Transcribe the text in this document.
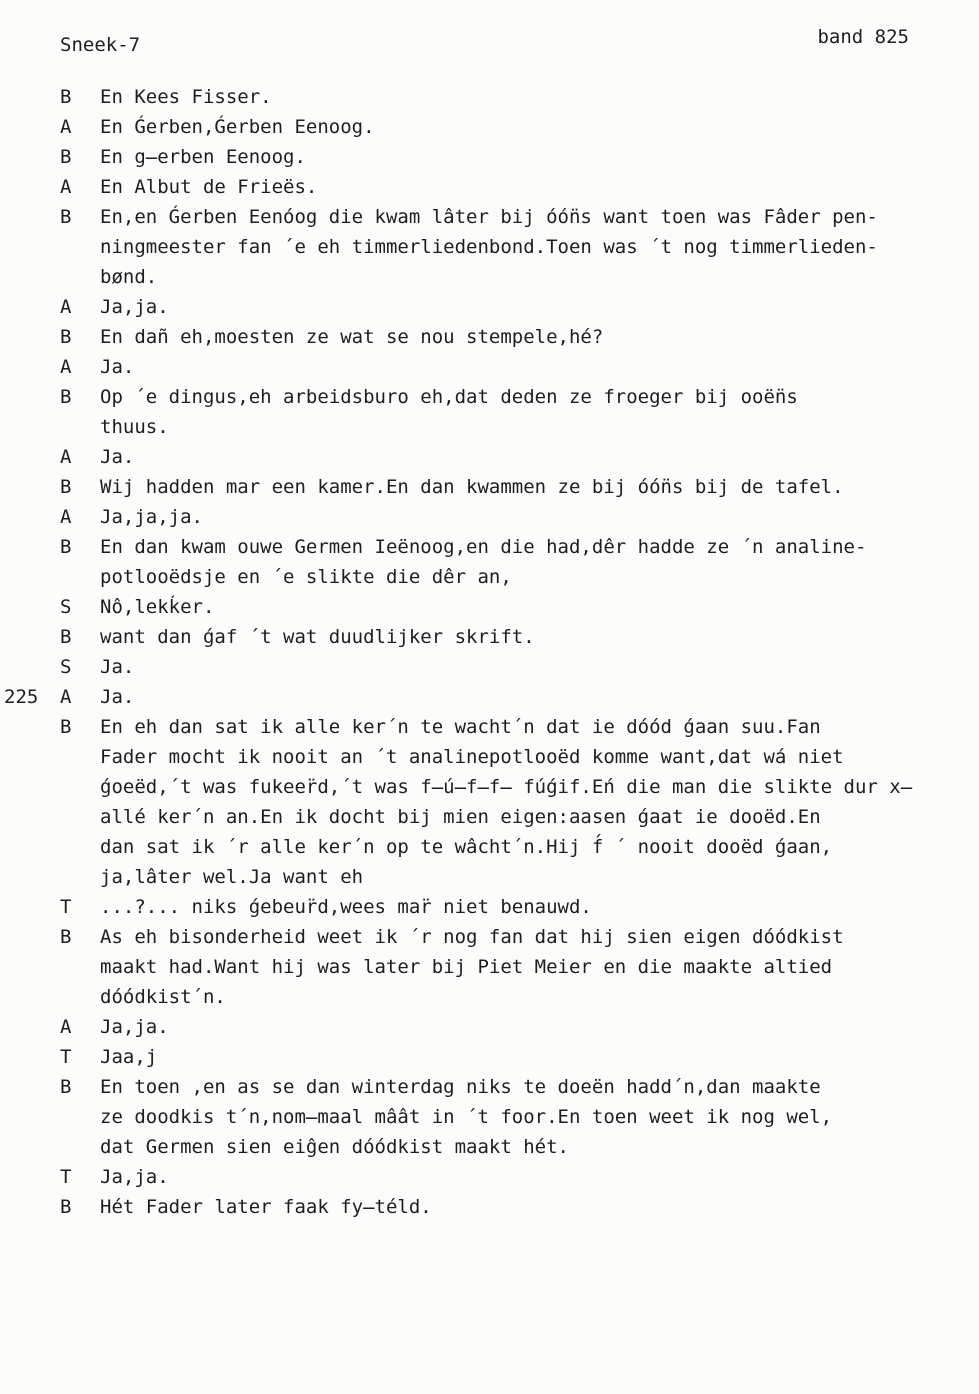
Sneek-7	band 825
B	En Kees Fisser.
A	En Ǵerben,Ǵerben Eenoog.
B	En g̶erben Eenoog.
A	En Albut de Frieës.
B	En,en Ǵerben Eenóog die kwam lâter bij óón̈s want toen was Fâder pen-
ningmeester fan ´e eh timmerliedenbond.Toen was ´t nog timmerlieden-
bønd.
A	Ja,ja.
B	En dañ eh,moesten ze wat se nou stempele,hé?
A	Ja.
B	Op ´e dingus,eh arbeidsburo eh,dat deden ze froeger bij ooën̈s
thuus.
A	Ja.
B	Wij hadden mar een kamer.En dan kwammen ze bij óón̈s bij de tafel.
A	Ja,ja,ja.
B	En dan kwam ouwe Germen Ieënoog,en die had,dêr hadde ze ´n analine-
potlooëdsje en ´e slikte die dêr an,
S	Nô,lekḱer.
B	want dan ǵaf ´t wat duudlijker skrift.
S	Ja.
225	A	Ja.
B	En eh dan sat ik alle ker´n te wacht´n dat ie dóód ǵaan suu.Fan
Fader mocht ik nooit an ´t analinepotlooëd komme want,dat wá niet
ǵoeëd,´t was fukeer̈d,´t was f̶ú̶f̶f̶ fúǵif.Eń die man die slikte dur x̶
allé ker´n an.En ik docht bij mien eigen:aasen ǵaat ie dooëd.En
dan sat ik ´r alle ker´n op te wâcht´n.Hij f́ ´ nooit dooëd ǵaan,
ja,lâter wel.Ja want eh
T	...?... niks ǵebeur̈d,wees mar̈ niet benauwd.
B	As eh bisonderheid weet ik ´r nog fan dat hij sien eigen dóódkist
maakt had.Want hij was later bij Piet Meier en die maakte altied
dóódkist´n.
A	Ja,ja.
T	Jaa,j
B	En toen ,en as se dan winterdag niks te doeën hadd´n,dan maakte
ze doodkis t´n,nom̶maal mâât in ´t foor.En toen weet ik nog wel,
dat Germen sien eiĝen dóódkist maakt hét.
T	Ja,ja.
B	Hét Fader later faak fy̶téld.
